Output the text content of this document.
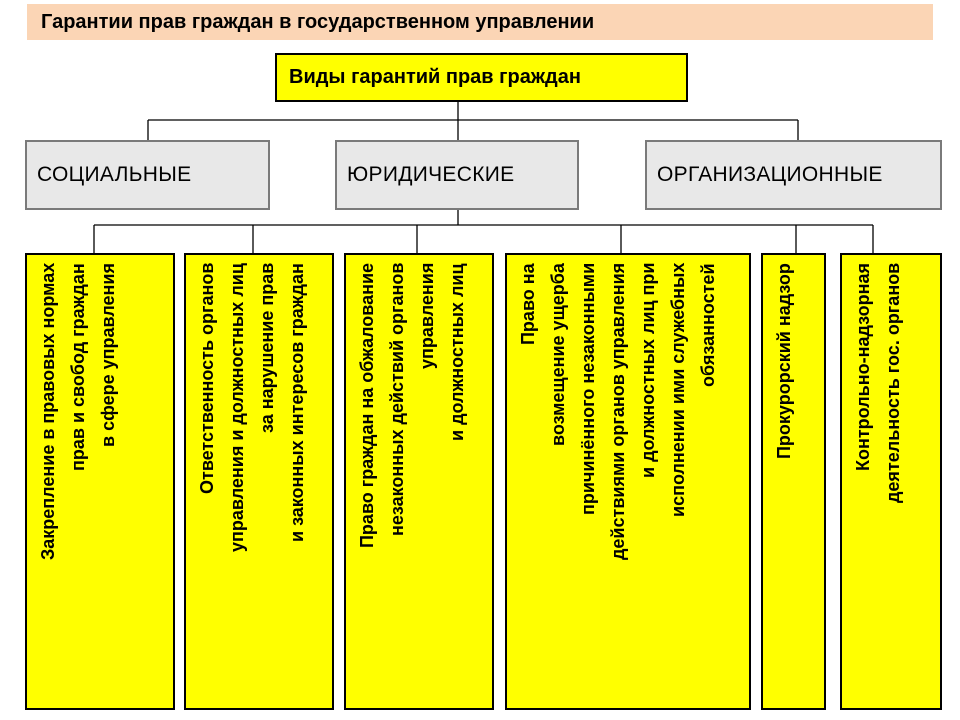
Гарантии прав граждан в государственном управлении
Виды гарантий прав граждан
СОЦИАЛЬНЫЕ	ЮРИДИЧЕСКИЕ	ОРГАНИЗАЦИОННЫЕ
Закрепление в правовых нормах
прав и свобод граждан
в сфере управления
Ответственность органов
управления и должностных лиц
за нарушение прав
и законных интересов граждан
Право граждан на обжалование
незаконных действий органов
управления
и должностных лиц
Право на
возмещение ущерба
причинённого незаконными
действиями органов управления
и должностных лиц при
исполнении ими служебных
обязанностей	Прокурорский надзор	Контрольно-надзорная
деятельность гос. органов
